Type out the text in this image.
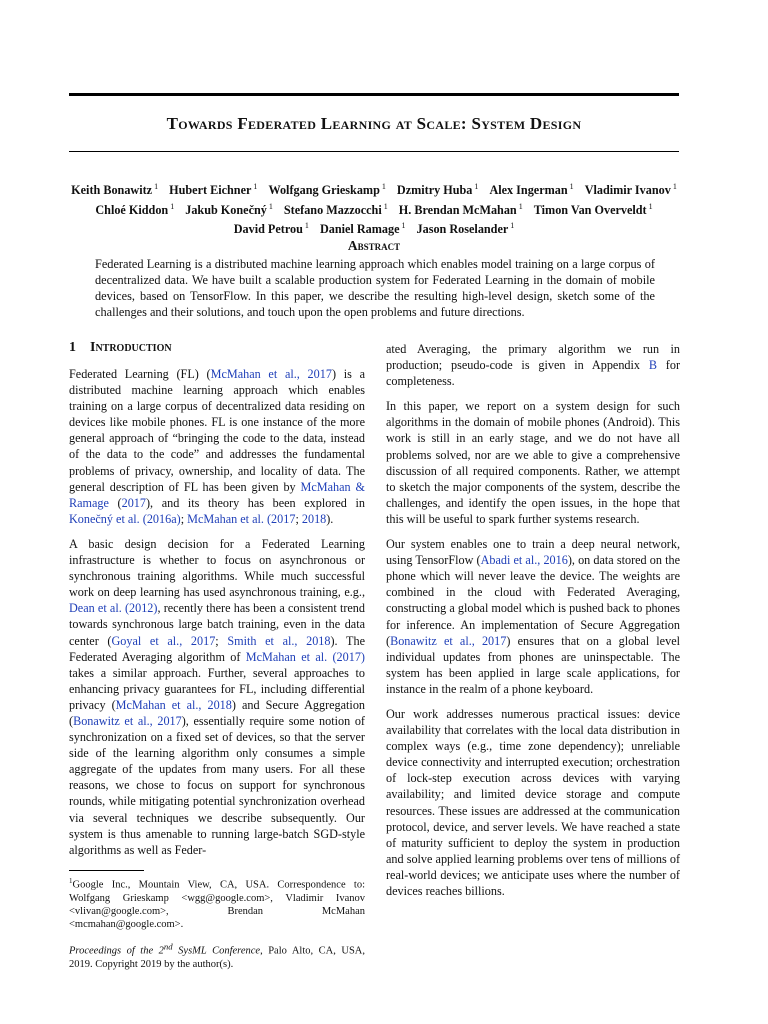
Towards Federated Learning at Scale: System Design
Keith Bonawitz $^1$ Hubert Eichner $^1$ Wolfgang Grieskamp $^1$ Dzmitry Huba $^1$ Alex Ingerman $^1$ Vladimir Ivanov $^1$
Chloé Kiddon $^1$ Jakub Konečný $^1$ Stefano Mazzocchi $^1$ H. Brendan McMahan $^1$ Timon Van Overveldt $^1$
David Petrou $^1$ Daniel Ramage $^1$ Jason Roselander $^1$
Abstract
Federated Learning is a distributed machine learning approach which enables model training on a large corpus of decentralized data. We have built a scalable production system for Federated Learning in the domain of mobile devices, based on TensorFlow. In this paper, we describe the resulting high-level design, sketch some of the challenges and their solutions, and touch upon the open problems and future directions.
1 Introduction

Federated Learning (FL) (McMahan et al., 2017) is a distributed machine learning approach which enables training on a large corpus of decentralized data residing on devices like mobile phones. FL is one instance of the more general approach of “bringing the code to the data, instead of the data to the code” and addresses the fundamental problems of privacy, ownership, and locality of data. The general description of FL has been given by McMahan & Ramage (2017), and its theory has been explored in Konečný et al. (2016a); McMahan et al. (2017; 2018).

A basic design decision for a Federated Learning infrastructure is whether to focus on asynchronous or synchronous training algorithms. While much successful work on deep learning has used asynchronous training, e.g., Dean et al. (2012), recently there has been a consistent trend towards synchronous large batch training, even in the data center (Goyal et al., 2017; Smith et al., 2018). The Federated Averaging algorithm of McMahan et al. (2017) takes a similar approach. Further, several approaches to enhancing privacy guarantees for FL, including differential privacy (McMahan et al., 2018) and Secure Aggregation (Bonawitz et al., 2017), essentially require some notion of synchronization on a fixed set of devices, so that the server side of the learning algorithm only consumes a simple aggregate of the updates from many users. For all these reasons, we chose to focus on support for synchronous rounds, while mitigating potential synchronization overhead via several techniques we describe subsequently. Our system is thus amenable to running large-batch SGD-style algorithms as well as Feder-

$^1$Google Inc., Mountain View, CA, USA. Correspondence to: Wolfgang Grieskamp <wgg@google.com>, Vladimir Ivanov <vlivan@google.com>, Brendan McMahan <mcmahan@google.com>.

Proceedings of the 2nd SysML Conference, Palo Alto, CA, USA, 2019. Copyright 2019 by the author(s).

ated Averaging, the primary algorithm we run in production; pseudo-code is given in Appendix B for completeness.

In this paper, we report on a system design for such algorithms in the domain of mobile phones (Android). This work is still in an early stage, and we do not have all problems solved, nor are we able to give a comprehensive discussion of all required components. Rather, we attempt to sketch the major components of the system, describe the challenges, and identify the open issues, in the hope that this will be useful to spark further systems research.

Our system enables one to train a deep neural network, using TensorFlow (Abadi et al., 2016), on data stored on the phone which will never leave the device. The weights are combined in the cloud with Federated Averaging, constructing a global model which is pushed back to phones for inference. An implementation of Secure Aggregation (Bonawitz et al., 2017) ensures that on a global level individual updates from phones are uninspectable. The system has been applied in large scale applications, for instance in the realm of a phone keyboard.

Our work addresses numerous practical issues: device availability that correlates with the local data distribution in complex ways (e.g., time zone dependency); unreliable device connectivity and interrupted execution; orchestration of lock-step execution across devices with varying availability; and limited device storage and compute resources. These issues are addressed at the communication protocol, device, and server levels. We have reached a state of maturity sufficient to deploy the system in production and solve applied learning problems over tens of millions of real-world devices; we anticipate uses where the number of devices reaches billions.
